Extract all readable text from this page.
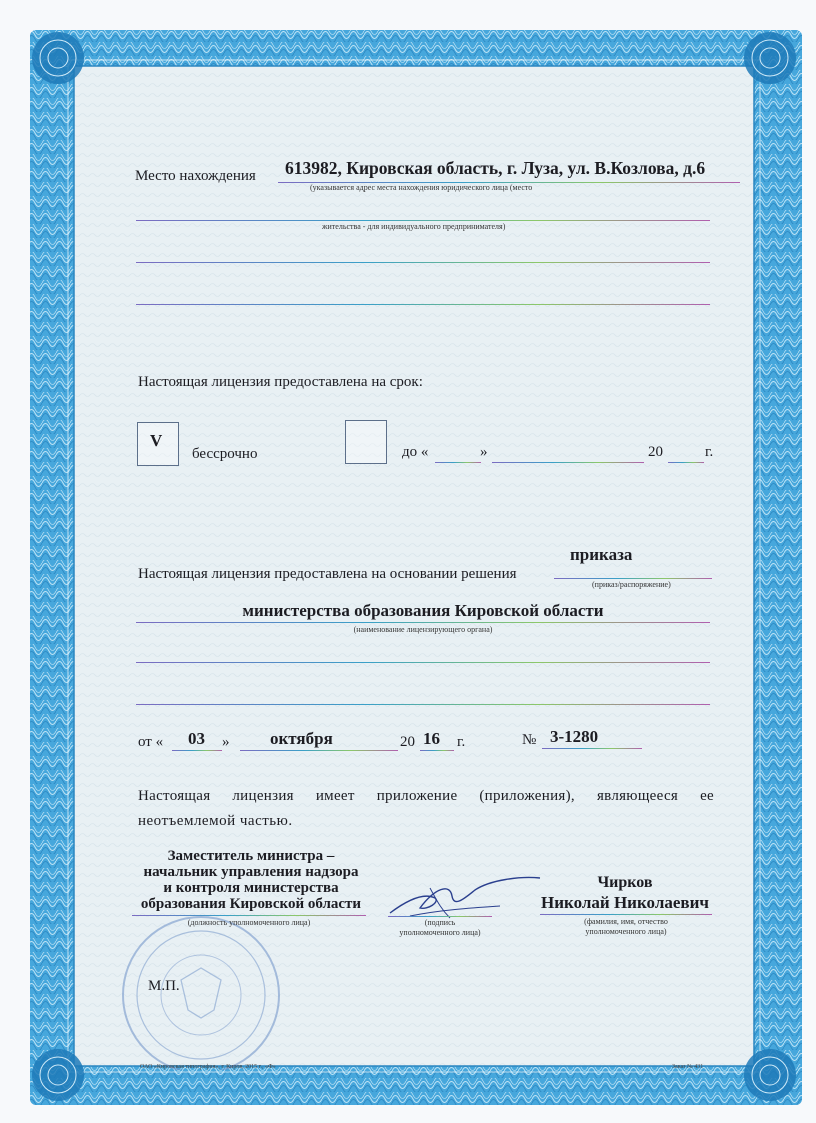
Место нахождения 613982, Кировская область, г. Луза, ул. В.Козлова, д.6
(указывается адрес места нахождения юридического лица (место
жительства - для индивидуального предпринимателя)
Настоящая лицензия предоставлена на срок:
V
бессрочно	до «	»	20	г.
Настоящая лицензия предоставлена на основании решения
приказа
(приказ/распоряжение)
министерства образования Кировской области
(наименование лицензирующего органа)
от « 03 » октября	20 16 г.	№ 3-1280
Настоящая лицензия имеет приложение (приложения), являющееся ее
неотъемлемой частью.
Заместитель министра –
начальник управления надзора
и контроля министерства
образования Кировской области
(должность уполномоченного лица)	(подпись
уполномоченного лица)
Чирков
Николай Николаевич
(фамилия, имя, отчество
уполномоченного лица)
М.П.
ОАО «Кировская типография», г. Киров, 2015 г., «Ф»	Заказ № 431
